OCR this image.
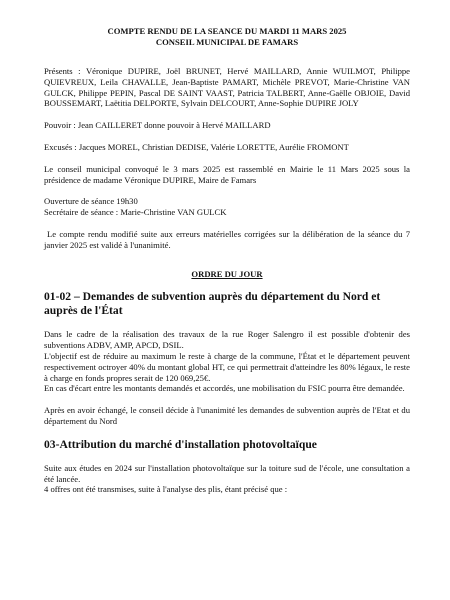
COMPTE RENDU DE LA SEANCE DU MARDI 11 MARS 2025

CONSEIL MUNICIPAL DE FAMARS

Présents : Véronique DUPIRE, Joël BRUNET, Hervé MAILLARD, Annie WUILMOT, Philippe QUIEVREUX, Leila CHAVALLE, Jean-Baptiste PAMART, Michèle PREVOT, Marie-Christine VAN GULCK, Philippe PEPIN, Pascal DE SAINT VAAST, Patricia TALBERT, Anne-Gaëlle OBJOIE, David BOUSSEMART, Laëtitia DELPORTE, Sylvain DELCOURT, Anne-Sophie DUPIRE JOLY

Pouvoir : Jean CAILLERET donne pouvoir à Hervé MAILLARD

Excusés : Jacques MOREL, Christian DEDISE, Valérie LORETTE, Aurélie FROMONT

Le conseil municipal convoqué le 3 mars 2025 est rassemblé en Mairie le 11 Mars 2025 sous la présidence de madame Véronique DUPIRE, Maire de Famars

Ouverture de séance 19h30

Secrétaire de séance : Marie-Christine VAN GULCK

Le compte rendu modifié suite aux erreurs matérielles corrigées sur la délibération de la séance du 7 janvier 2025 est validé à l'unanimité.

ORDRE DU JOUR

01-02 – Demandes de subvention auprès du département du Nord et auprès de l'État

Dans le cadre de la réalisation des travaux de la rue Roger Salengro il est possible d'obtenir des subventions ADBV, AMP, APCD, DSIL.

L'objectif est de réduire au maximum le reste à charge de la commune, l'État et le département peuvent respectivement octroyer 40% du montant global HT, ce qui permettrait d'atteindre les 80% légaux, le reste à charge en fonds propres serait de 120 069,25€.

En cas d'écart entre les montants demandés et accordés, une mobilisation du FSIC pourra être demandée.

Après en avoir échangé, le conseil décide à l'unanimité les demandes de subvention auprès de l'Etat et du département du Nord

03-Attribution du marché d'installation photovoltaïque

Suite aux études en 2024 sur l'installation photovoltaïque sur la toiture sud de l'école, une consultation a été lancée.

4 offres ont été transmises, suite à l'analyse des plis, étant précisé que :
